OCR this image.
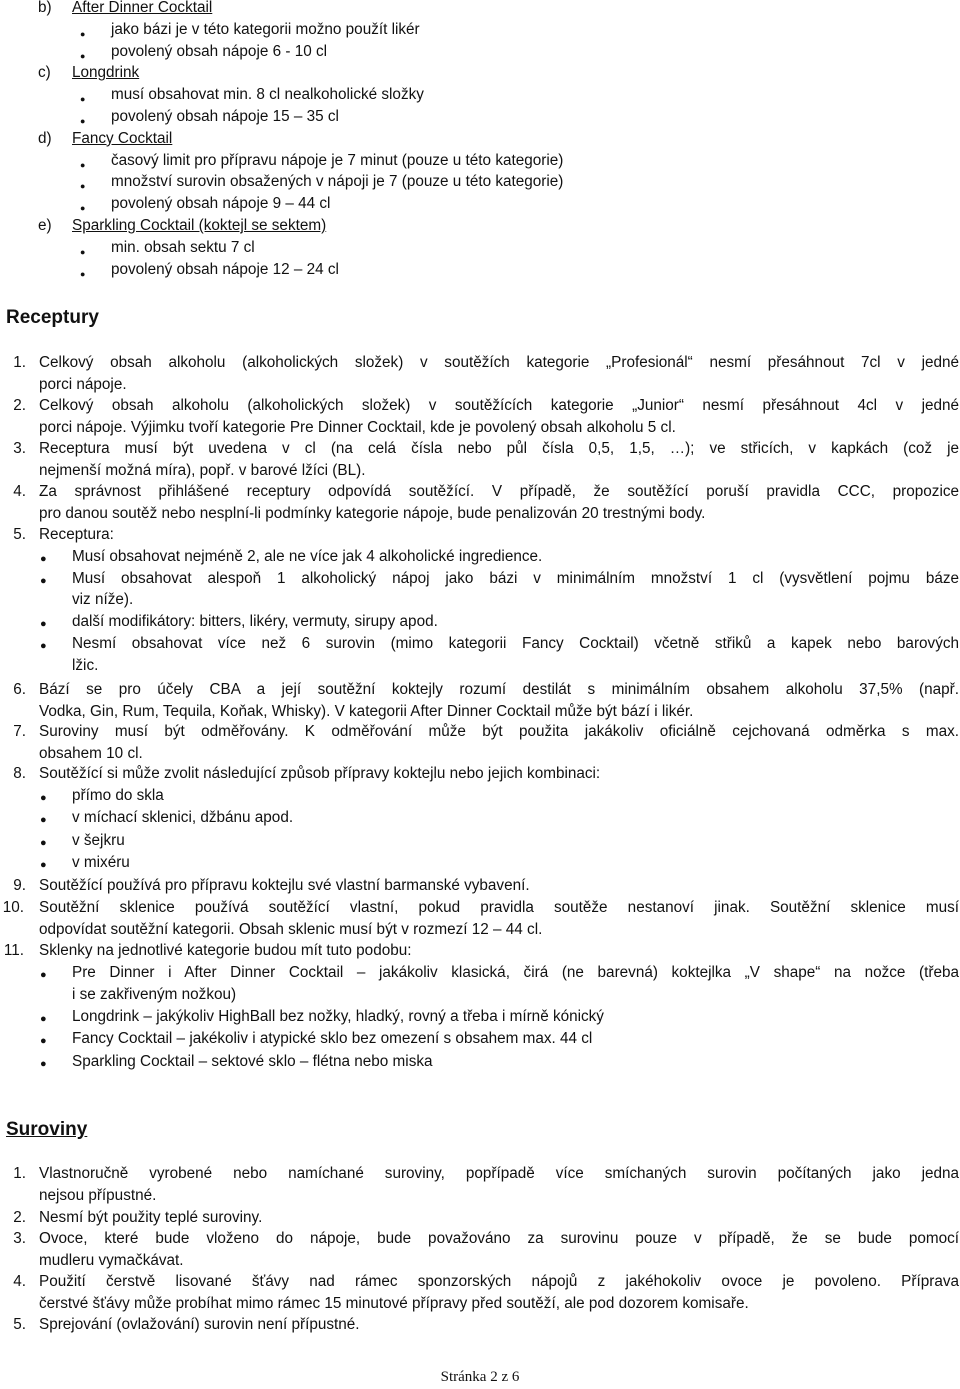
b) After Dinner Cocktail
● jako bázi je v této kategorii možno použít likér
● povolený obsah nápoje 6 - 10 cl
c) Longdrink
● musí obsahovat min. 8 cl nealkoholické složky
● povolený obsah nápoje 15 – 35 cl
d) Fancy Cocktail
● časový limit pro přípravu nápoje je 7 minut (pouze u této kategorie)
● množství surovin obsažených v nápoji je 7 (pouze u této kategorie)
● povolený obsah nápoje 9 – 44 cl
e) Sparkling Cocktail (koktejl se sektem)
● min. obsah sektu 7 cl
● povolený obsah nápoje 12 – 24 cl
Receptury
1. Celkový obsah alkoholu (alkoholických složek) v soutěžích kategorie „Profesionál“ nesmí přesáhnout 7cl v jedné
porci nápoje.
2. Celkový obsah alkoholu (alkoholických složek) v soutěžících kategorie „Junior“ nesmí přesáhnout 4cl v jedné
porci nápoje. Výjimku tvoří kategorie Pre Dinner Cocktail, kde je povolený obsah alkoholu 5 cl.
3. Receptura musí být uvedena v cl (na celá čísla nebo půl čísla 0,5, 1,5, …); ve střicích, v kapkách (což je
nejmenší možná míra), popř. v barové lžíci (BL).
4. Za správnost přihlášené receptury odpovídá soutěžící. V případě, že soutěžící poruší pravidla CCC, propozice
pro danou soutěž nebo nesplní-li podmínky kategorie nápoje, bude penalizován 20 trestnými body.
5. Receptura:
6. Bází se pro účely CBA a její soutěžní koktejly rozumí destilát s minimálním obsahem alkoholu 37,5% (např.
Vodka, Gin, Rum, Tequila, Koňak, Whisky). V kategorii After Dinner Cocktail může být bází i likér.
7. Suroviny musí být odměřovány. K odměřování může být použita jakákoliv oficiálně cejchovaná odměrka s max.
obsahem 10 cl.
8. Soutěžící si může zvolit následující způsob přípravy koktejlu nebo jejich kombinaci:
9. Soutěžící používá pro přípravu koktejlu své vlastní barmanské vybavení.
10. Soutěžní sklenice používá soutěžící vlastní, pokud pravidla soutěže nestanoví jinak. Soutěžní sklenice musí
odpovídat soutěžní kategorii. Obsah sklenic musí být v rozmezí 12 – 44 cl.
11. Sklenky na jednotlivé kategorie budou mít tuto podobu:
● Musí obsahovat nejméně 2, ale ne více jak 4 alkoholické ingredience.
● Musí obsahovat alespoň 1 alkoholický nápoj jako bázi v minimálním množství 1 cl (vysvětlení pojmu báze
viz níže).
● další modifikátory: bitters, likéry, vermuty, sirupy apod.
● Nesmí obsahovat více než 6 surovin (mimo kategorii Fancy Cocktail) včetně střiků a kapek nebo barových
lžic.
● přímo do skla
● v míchací sklenici, džbánu apod.
● v šejkru
● v mixéru
● Pre Dinner i After Dinner Cocktail – jakákoliv klasická, čirá (ne barevná) koktejlka „V shape“ na nožce (třeba
i se zakřiveným nožkou)
● Longdrink – jakýkoliv HighBall bez nožky, hladký, rovný a třeba i mírně kónický
● Fancy Cocktail – jakékoliv i atypické sklo bez omezení s obsahem max. 44 cl
● Sparkling Cocktail – sektové sklo – flétna nebo miska
Suroviny
1. Vlastnoručně vyrobené nebo namíchané suroviny, popřípadě více smíchaných surovin počítaných jako jedna
nejsou přípustné.
2. Nesmí být použity teplé suroviny.
3. Ovoce, které bude vloženo do nápoje, bude považováno za surovinu pouze v případě, že se bude pomocí
mudleru vymačkávat.
4. Použití čerstvě lisované šťávy nad rámec sponzorských nápojů z jakéhokoliv ovoce je povoleno. Příprava
čerstvé šťávy může probíhat mimo rámec 15 minutové přípravy před soutěží, ale pod dozorem komisaře.
5. Sprejování (ovlažování) surovin není přípustné.
Stránka 2 z 6
